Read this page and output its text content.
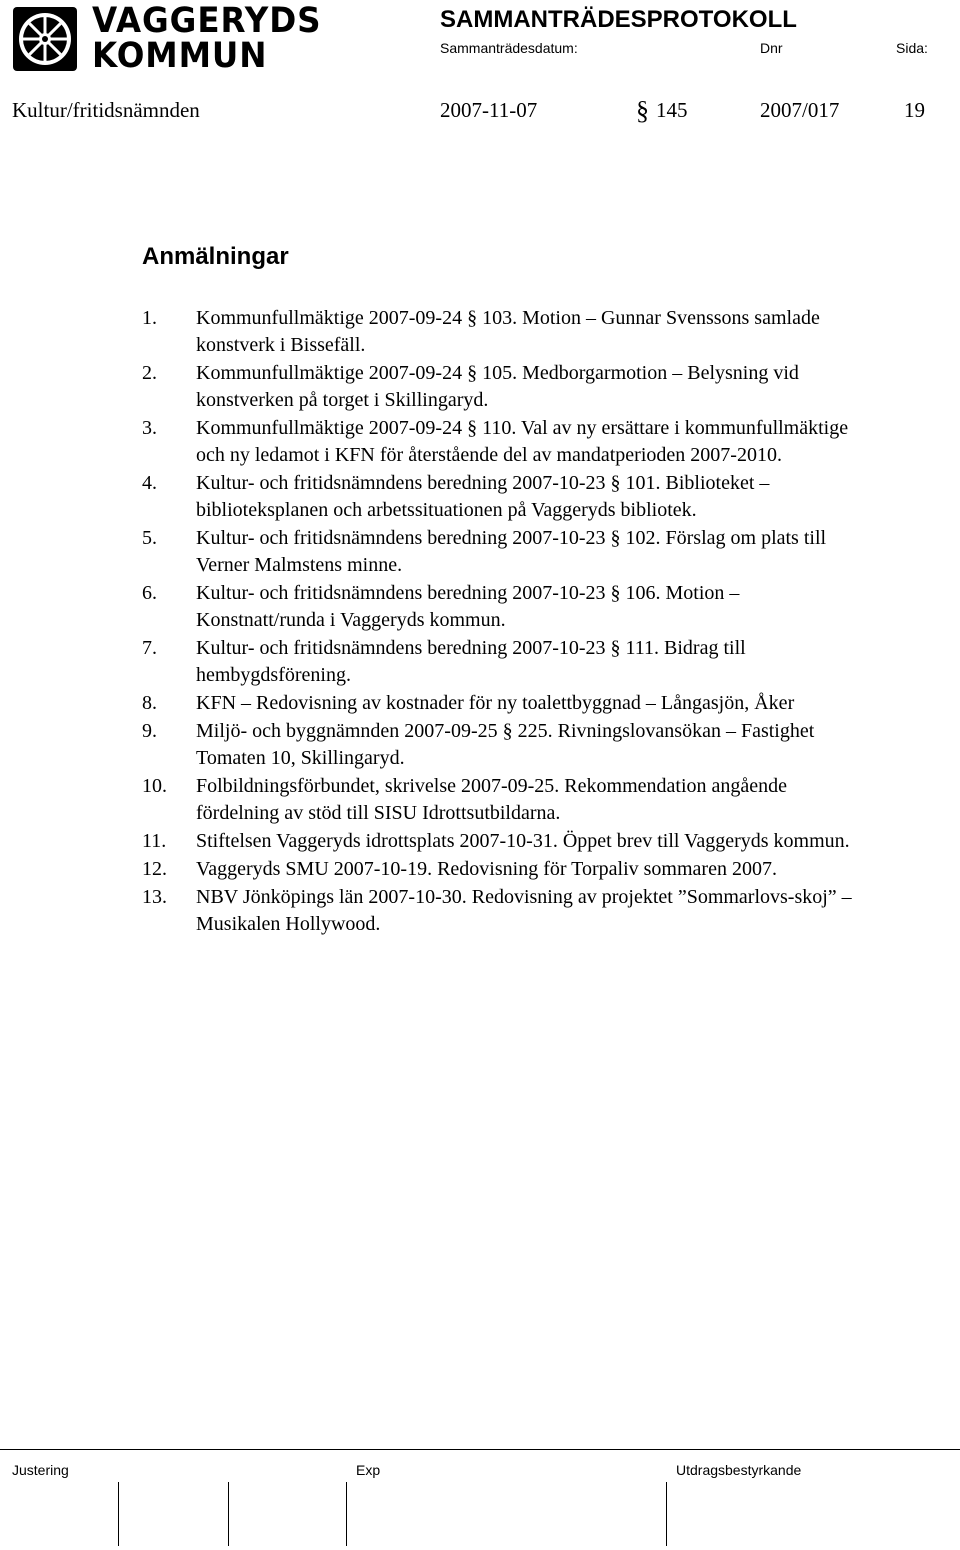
VAGGERYDS
KOMMUN
SAMMANTRÄDESPROTOKOLL
Sammanträdesdatum:	Dnr	Sida:
Kultur/fritidsnämnden	2007-11-07	§ 145	2007/017	19
Anmälningar
1.	Kommunfullmäktige 2007-09-24 § 103. Motion – Gunnar Svenssons samlade konstverk i Bissefäll.
2.	Kommunfullmäktige 2007-09-24 § 105. Medborgarmotion – Belysning vid konstverken på torget i Skillingaryd.
3.	Kommunfullmäktige 2007-09-24 § 110. Val av ny ersättare i kommunfullmäktige och ny ledamot i KFN för återstående del av mandatperioden 2007-2010.
4.	Kultur- och fritidsnämndens beredning 2007-10-23 § 101. Biblioteket – biblioteksplanen och arbetssituationen på Vaggeryds bibliotek.
5.	Kultur- och fritidsnämndens beredning 2007-10-23 § 102. Förslag om plats till Verner Malmstens minne.
6.	Kultur- och fritidsnämndens beredning 2007-10-23 § 106. Motion – Konstnatt/runda i Vaggeryds kommun.
7.	Kultur- och fritidsnämndens beredning 2007-10-23 § 111. Bidrag till hembygdsförening.
8.	KFN – Redovisning av kostnader för ny toalettbyggnad – Långasjön, Åker
9.	Miljö- och byggnämnden 2007-09-25 § 225. Rivningslovansökan – Fastighet Tomaten 10, Skillingaryd.
10.	Folbildningsförbundet, skrivelse 2007-09-25. Rekommendation angående fördelning av stöd till SISU Idrottsutbildarna.
11.	Stiftelsen Vaggeryds idrottsplats 2007-10-31. Öppet brev till Vaggeryds kommun.
12.	Vaggeryds SMU 2007-10-19. Redovisning för Torpaliv sommaren 2007.
13.	NBV Jönköpings län 2007-10-30. Redovisning av projektet ”Sommarlovs-skoj” – Musikalen Hollywood.
Justering	Exp	Utdragsbestyrkande
